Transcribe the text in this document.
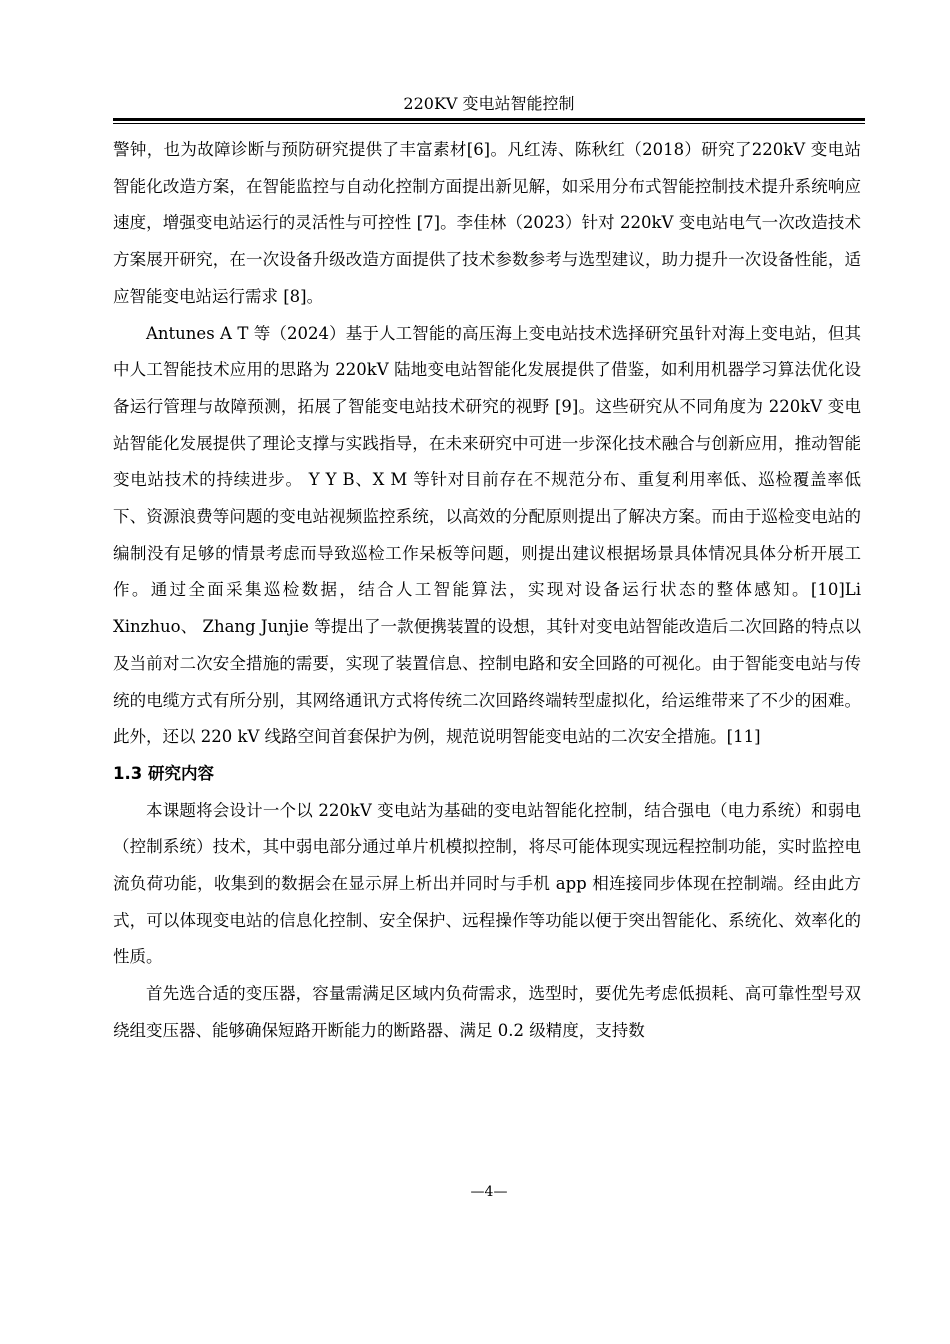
220KV 变电站智能控制

警钟，也为故障诊断与预防研究提供了丰富素材[6]。凡红涛、陈秋红（2018）研究了220kV 变电站智能化改造方案，在智能监控与自动化控制方面提出新见解，如采用分布式智能控制技术提升系统响应速度，增强变电站运行的灵活性与可控性 [7]。李佳林（2023）针对 220kV 变电站电气一次改造技术方案展开研究，在一次设备升级改造方面提供了技术参数参考与选型建议，助力提升一次设备性能，适应智能变电站运行需求 [8]。

Antunes A T 等（2024）基于人工智能的高压海上变电站技术选择研究虽针对海上变电站，但其中人工智能技术应用的思路为 220kV 陆地变电站智能化发展提供了借鉴，如利用机器学习算法优化设备运行管理与故障预测，拓展了智能变电站技术研究的视野 [9]。这些研究从不同角度为 220kV 变电站智能化发展提供了理论支撑与实践指导，在未来研究中可进一步深化技术融合与创新应用，推动智能变电站技术的持续进步。 Y Y B、X M 等针对目前存在不规范分布、重复利用率低、巡检覆盖率低下、资源浪费等问题的变电站视频监控系统，以高效的分配原则提出了解决方案。而由于巡检变电站的编制没有足够的情景考虑而导致巡检工作呆板等问题，则提出建议根据场景具体情况具体分析开展工作。通过全面采集巡检数据，结合人工智能算法，实现对设备运行状态的整体感知。[10]Li Xinzhuo、 Zhang Junjie 等提出了一款便携装置的设想，其针对变电站智能改造后二次回路的特点以及当前对二次安全措施的需要，实现了装置信息、控制电路和安全回路的可视化。由于智能变电站与传统的电缆方式有所分别，其网络通讯方式将传统二次回路终端转型虚拟化，给运维带来了不少的困难。此外，还以 220 kV 线路空间首套保护为例，规范说明智能变电站的二次安全措施。[11]

1.3 研究内容

本课题将会设计一个以 220kV 变电站为基础的变电站智能化控制，结合强电（电力系统）和弱电（控制系统）技术，其中弱电部分通过单片机模拟控制，将尽可能体现实现远程控制功能，实时监控电流负荷功能，收集到的数据会在显示屏上析出并同时与手机 app 相连接同步体现在控制端。经由此方式，可以体现变电站的信息化控制、安全保护、远程操作等功能以便于突出智能化、系统化、效率化的性质。

首先选合适的变压器，容量需满足区域内负荷需求，选型时，要优先考虑低损耗、高可靠性型号双绕组变压器、能够确保短路开断能力的断路器、满足 0.2 级精度，支持数

—4—
